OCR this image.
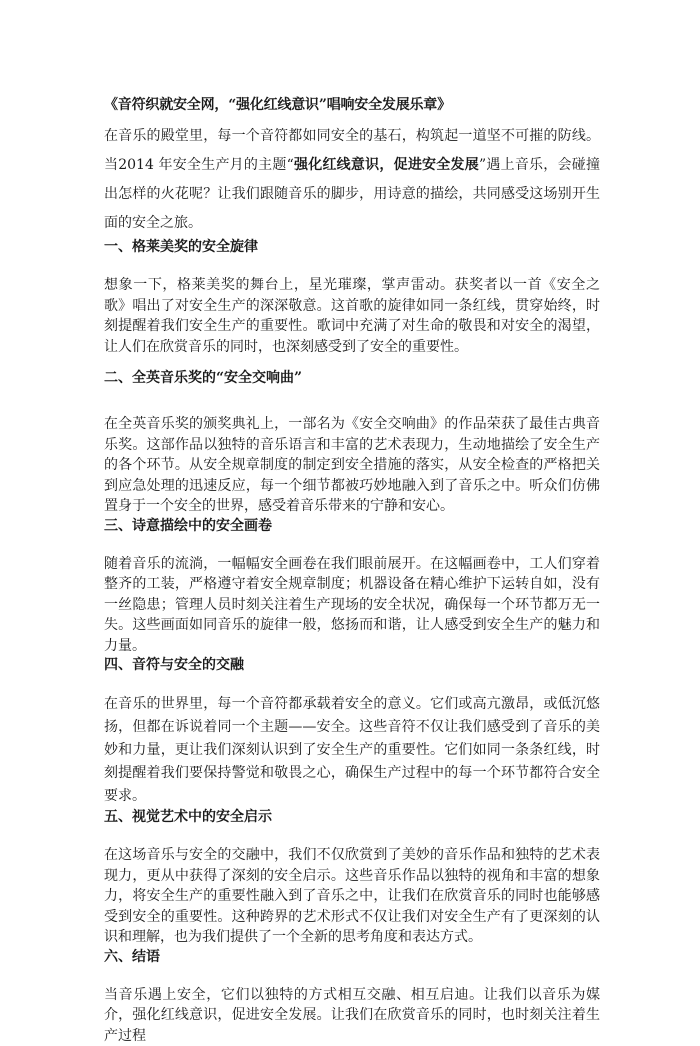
《音符织就安全网，“强化红线意识”唱响安全发展乐章》

在音乐的殿堂里，每一个音符都如同安全的基石，构筑起一道坚不可摧的防线。当2014 年安全生产月的主题“强化红线意识，促进安全发展”遇上音乐，会碰撞出怎样的火花呢？让我们跟随音乐的脚步，用诗意的描绘，共同感受这场别开生面的安全之旅。

一、格莱美奖的安全旋律

想象一下，格莱美奖的舞台上，星光璀璨，掌声雷动。获奖者以一首《安全之歌》唱出了对安全生产的深深敬意。这首歌的旋律如同一条红线，贯穿始终，时刻提醒着我们安全生产的重要性。歌词中充满了对生命的敬畏和对安全的渴望，让人们在欣赏音乐的同时，也深刻感受到了安全的重要性。

二、全英音乐奖的“安全交响曲”

在全英音乐奖的颁奖典礼上，一部名为《安全交响曲》的作品荣获了最佳古典音乐奖。这部作品以独特的音乐语言和丰富的艺术表现力，生动地描绘了安全生产的各个环节。从安全规章制度的制定到安全措施的落实，从安全检查的严格把关到应急处理的迅速反应，每一个细节都被巧妙地融入到了音乐之中。听众们仿佛置身于一个安全的世界，感受着音乐带来的宁静和安心。

三、诗意描绘中的安全画卷

随着音乐的流淌，一幅幅安全画卷在我们眼前展开。在这幅画卷中，工人们穿着整齐的工装，严格遵守着安全规章制度；机器设备在精心维护下运转自如，没有一丝隐患；管理人员时刻关注着生产现场的安全状况，确保每一个环节都万无一失。这些画面如同音乐的旋律一般，悠扬而和谐，让人感受到安全生产的魅力和力量。

四、音符与安全的交融

在音乐的世界里，每一个音符都承载着安全的意义。它们或高亢激昂，或低沉悠扬，但都在诉说着同一个主题——安全。这些音符不仅让我们感受到了音乐的美妙和力量，更让我们深刻认识到了安全生产的重要性。它们如同一条条红线，时刻提醒着我们要保持警觉和敬畏之心，确保生产过程中的每一个环节都符合安全要求。

五、视觉艺术中的安全启示

在这场音乐与安全的交融中，我们不仅欣赏到了美妙的音乐作品和独特的艺术表现力，更从中获得了深刻的安全启示。这些音乐作品以独特的视角和丰富的想象力，将安全生产的重要性融入到了音乐之中，让我们在欣赏音乐的同时也能够感受到安全的重要性。这种跨界的艺术形式不仅让我们对安全生产有了更深刻的认识和理解，也为我们提供了一个全新的思考角度和表达方式。

六、结语

当音乐遇上安全，它们以独特的方式相互交融、相互启迪。让我们以音乐为媒介，强化红线意识，促进安全发展。让我们在欣赏音乐的同时，也时刻关注着生产过程
